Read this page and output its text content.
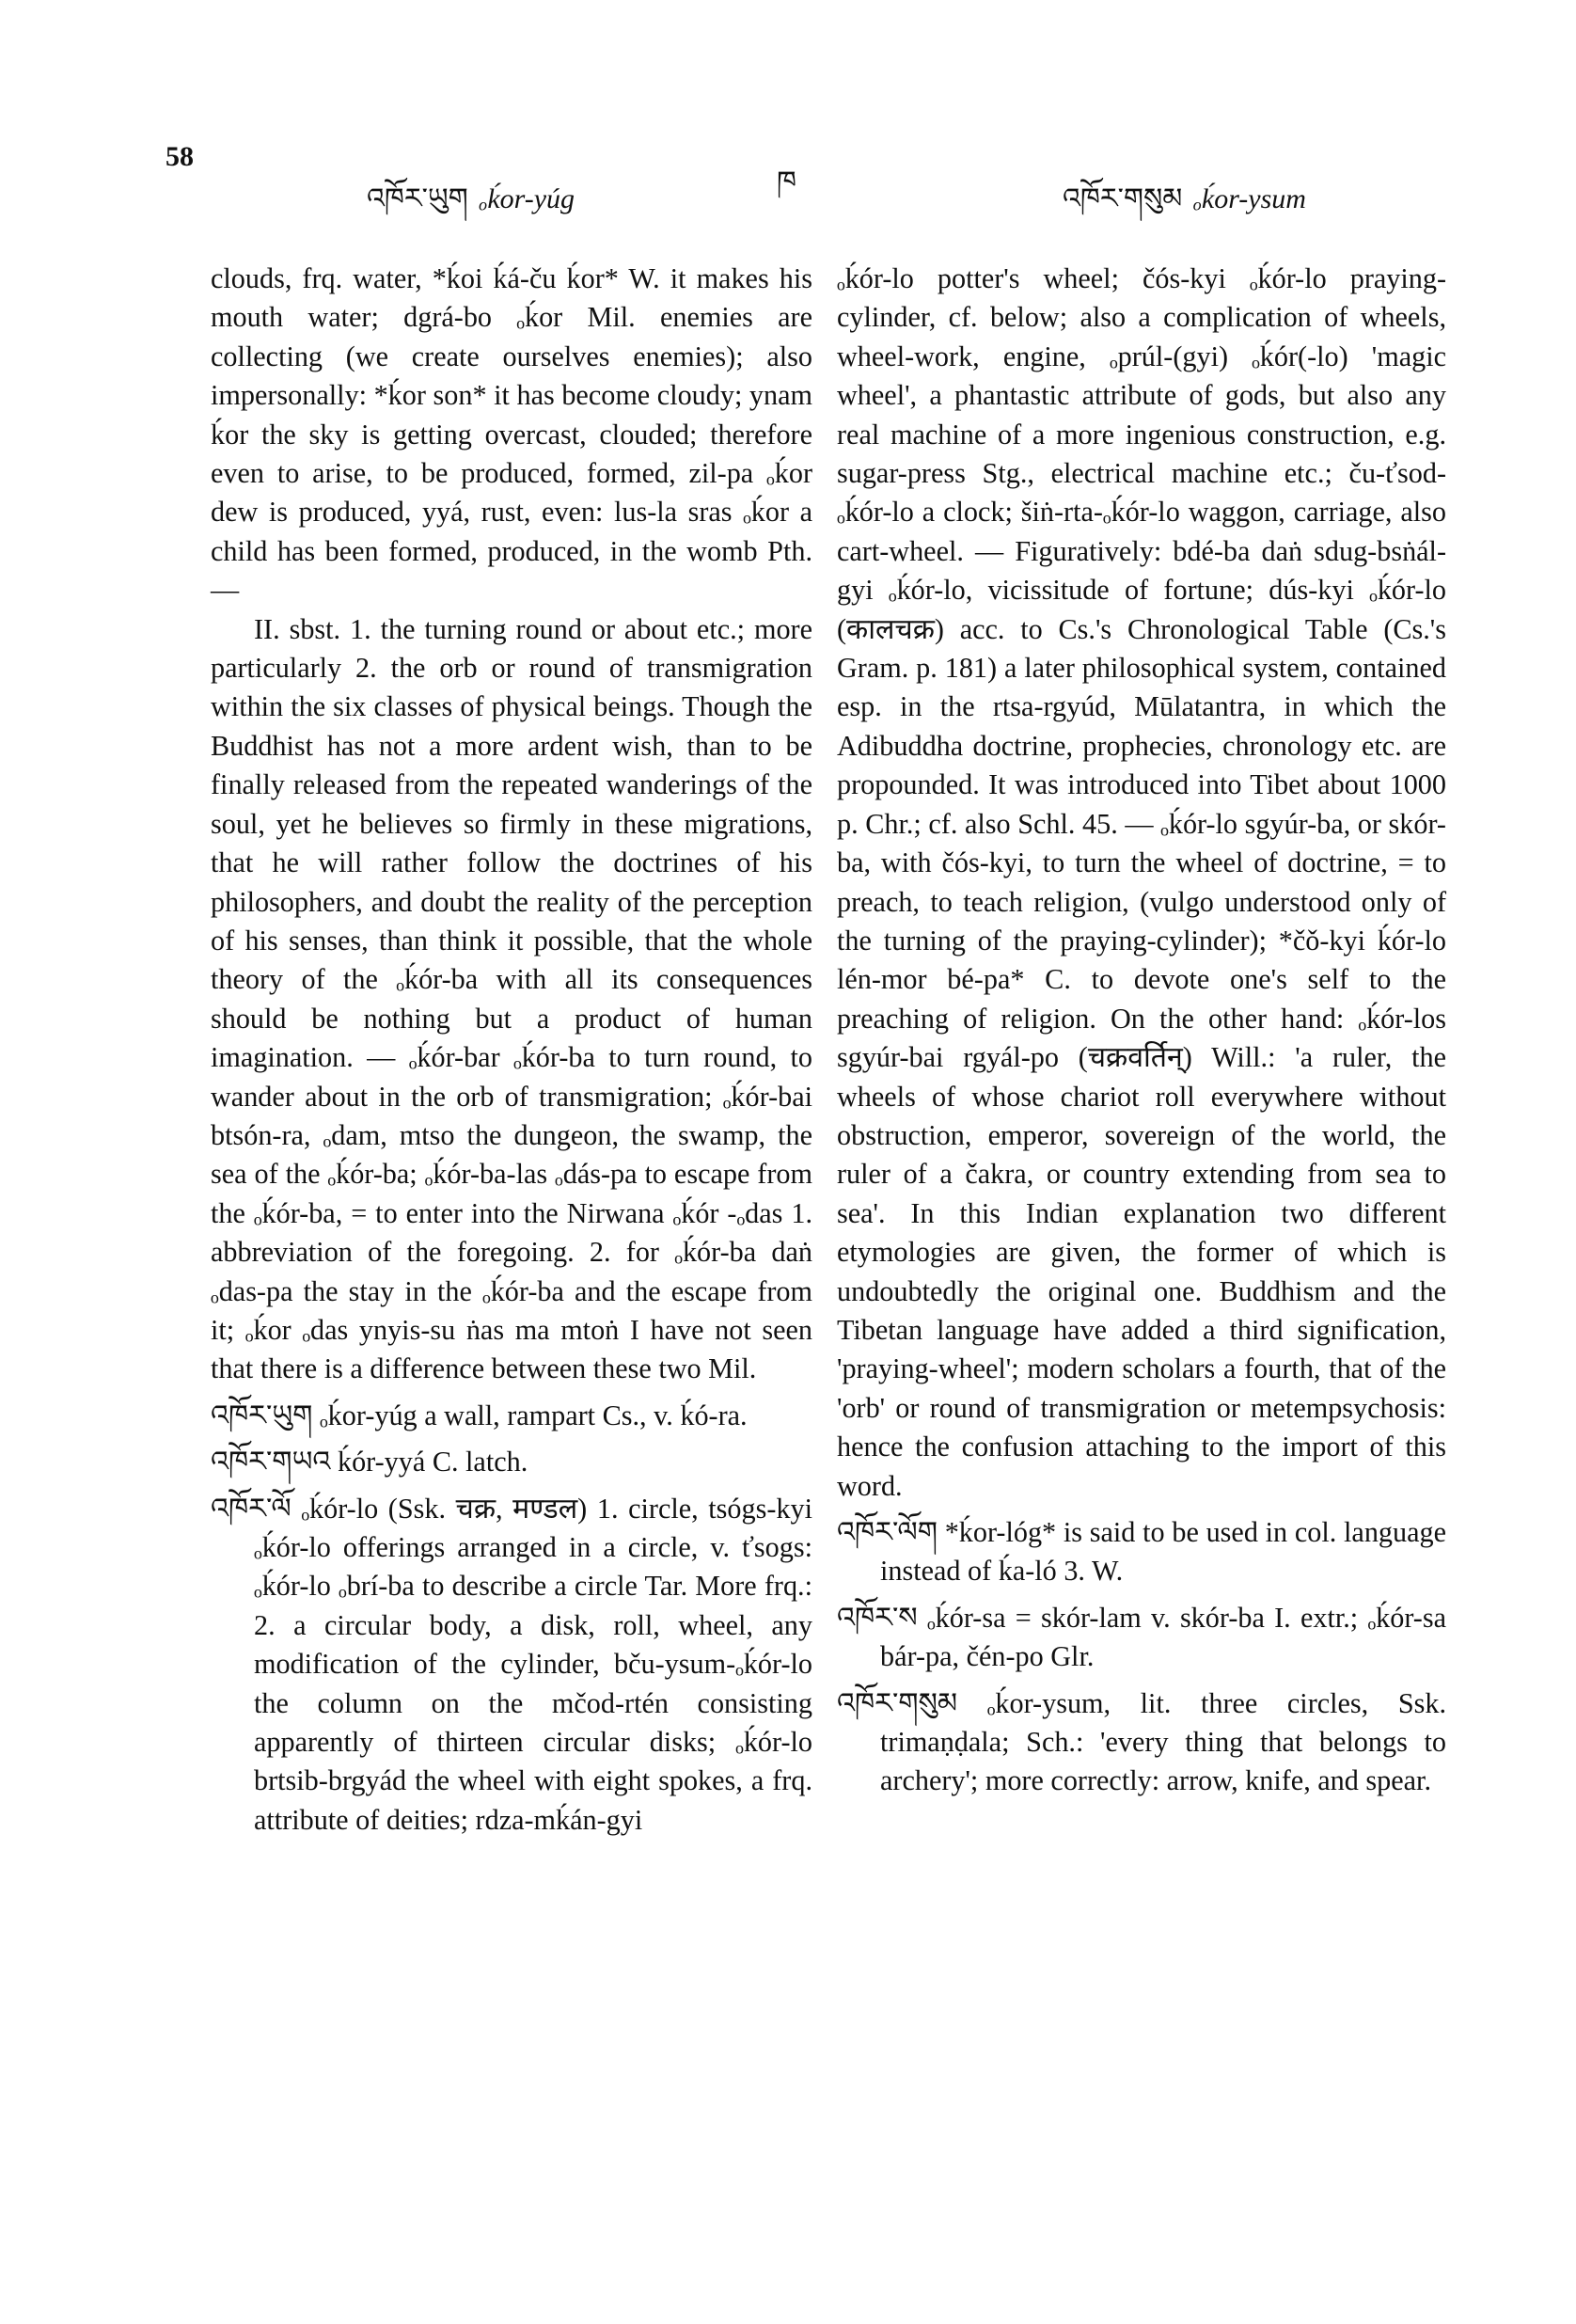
58
འཁོར་ཡུག ₒḱor-yúg
ཁ
འཁོར་གསུམ ₒḱor-ysum

clouds, frq. water, *ḱoi ḱá-ču ḱor* W. it makes his mouth water; dgrá-bo ₒḱor Mil. enemies are collecting (we create ourselves enemies); also impersonally: *ḱor son* it has become cloudy; ynam ḱor the sky is getting overcast, clouded; therefore even to arise, to be produced, formed, zil-pa ₒḱor dew is produced, yyá, rust, even: lus-la sras ₒḱor a child has been formed, produced, in the womb Pth. —

II. sbst. 1. the turning round or about etc.; more particularly 2. the orb or round of transmigration within the six classes of physical beings. Though the Buddhist has not a more ardent wish, than to be finally released from the repeated wanderings of the soul, yet he believes so firmly in these migrations, that he will rather follow the doctrines of his philosophers, and doubt the reality of the perception of his senses, than think it possible, that the whole theory of the ₒḱór-ba with all its consequences should be nothing but a product of human imagination. — ₒḱór-bar ₒḱór-ba to turn round, to wander about in the orb of transmigration; ₒḱór-bai btsón-ra, ₒdam, mtso the dungeon, the swamp, the sea of the ₒḱór-ba; ₒḱór-ba-las ₒdás-pa to escape from the ₒḱór-ba, = to enter into the Nirwana ₒḱór -ₒdas 1. abbreviation of the foregoing. 2. for ₒḱór-ba daṅ ₒdas-pa the stay in the ₒḱór-ba and the escape from it; ₒḱor ₒdas ynyis-su ṅas ma mtoṅ I have not seen that there is a difference between these two Mil.

འཁོར་ཡུག ₒḱor-yúg a wall, rampart Cs., v. ḱó-ra.

འཁོར་གཡའ ḱór-yyá C. latch.

འཁོར་ལོ ₒḱór-lo (Ssk. चक्र, मण्डल) 1. circle, tsógs-kyi ₒḱór-lo offerings arranged in a circle, v. ťsogs: ₒḱór-lo ₒbrí-ba to describe a circle Tar. More frq.: 2. a circular body, a disk, roll, wheel, any modification of the cylinder, bču-ysum-ₒḱór-lo the column on the mčod-rtén consisting apparently of thirteen circular disks; ₒḱór-lo brtsib-brgyád the wheel with eight spokes, a frq. attribute of deities; rdza-mḱán-gyi

ₒḱór-lo potter's wheel; čós-kyi ₒḱór-lo praying-cylinder, cf. below; also a complication of wheels, wheel-work, engine, ₒprúl-(gyi) ₒḱór(-lo) 'magic wheel', a phantastic attribute of gods, but also any real machine of a more ingenious construction, e.g. sugar-press Stg., electrical machine etc.; ču-ťsod-ₒḱór-lo a clock; šiṅ-rta-ₒḱór-lo waggon, carriage, also cart-wheel. — Figuratively: bdé-ba daṅ sdug-bsṅál-gyi ₒḱór-lo, vicissitude of fortune; dús-kyi ₒḱór-lo (कालचक्र) acc. to Cs.'s Chronological Table (Cs.'s Gram. p. 181) a later philosophical system, contained esp. in the rtsa-rgyúd, Mūlatantra, in which the Adibuddha doctrine, prophecies, chronology etc. are propounded. It was introduced into Tibet about 1000 p. Chr.; cf. also Schl. 45. — ₒḱór-lo sgyúr-ba, or skór-ba, with čós-kyi, to turn the wheel of doctrine, = to preach, to teach religion, (vulgo understood only of the turning of the praying-cylinder); *čǒ-kyi ḱór-lo lén-mor bé-pa* C. to devote one's self to the preaching of religion. On the other hand: ₒḱór-los sgyúr-bai rgyál-po (चक्रवर्तिन्) Will.: 'a ruler, the wheels of whose chariot roll everywhere without obstruction, emperor, sovereign of the world, the ruler of a čakra, or country extending from sea to sea'. In this Indian explanation two different etymologies are given, the former of which is undoubtedly the original one. Buddhism and the Tibetan language have added a third signification, 'praying-wheel'; modern scholars a fourth, that of the 'orb' or round of transmigration or metempsychosis: hence the confusion attaching to the import of this word.

འཁོར་ལོག *ḱor-lóg* is said to be used in col. language instead of ḱa-ló 3. W.

འཁོར་ས ₒḱór-sa = skór-lam v. skór-ba I. extr.; ₒḱór-sa bár-pa, čén-po Glr.

འཁོར་གསུམ ₒḱor-ysum, lit. three circles, Ssk. trimaṇḍala; Sch.: 'every thing that belongs to archery'; more correctly: arrow, knife, and spear.
